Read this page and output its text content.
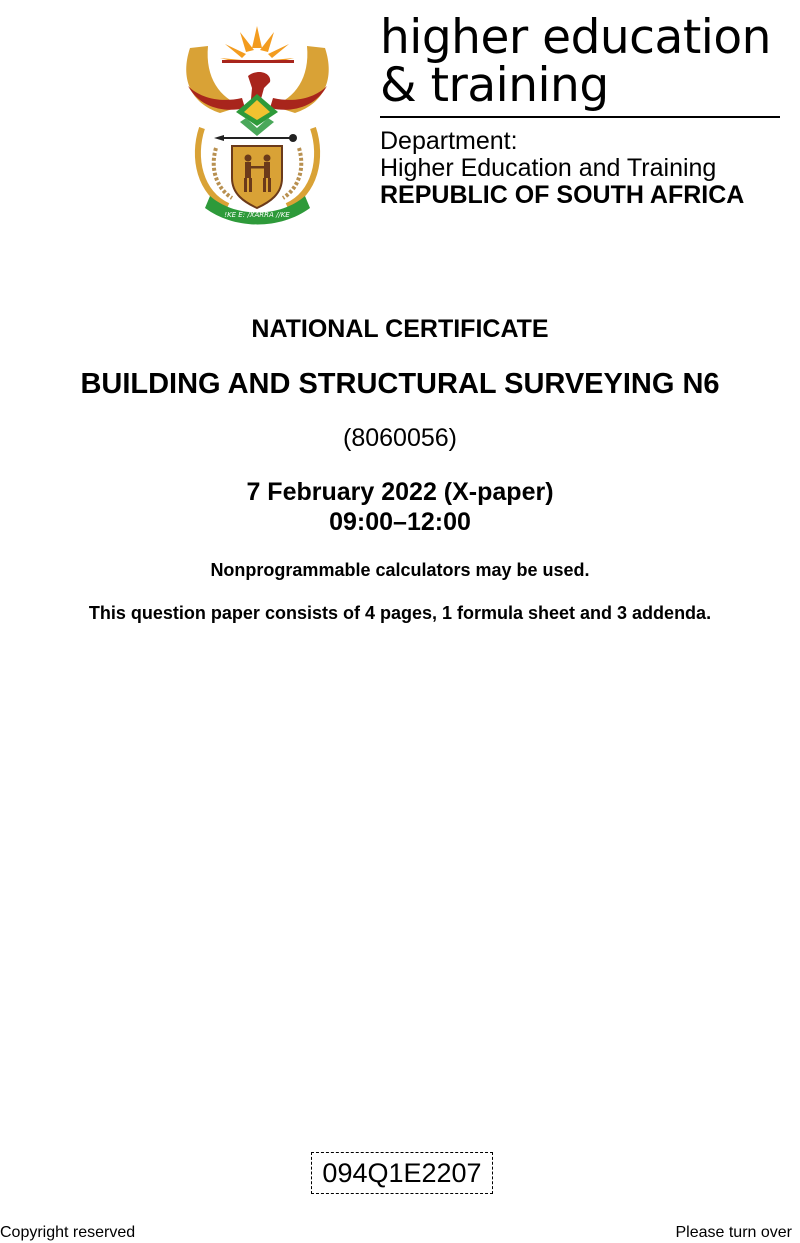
!KE E: /XARRA //KE
higher education
& training
Department:
Higher Education and Training
REPUBLIC OF SOUTH AFRICA
NATIONAL CERTIFICATE
BUILDING AND STRUCTURAL SURVEYING N6
(8060056)
7 February 2022 (X-paper)
09:00–12:00
Nonprogrammable calculators may be used.
This question paper consists of 4 pages, 1 formula sheet and 3 addenda.
094Q1E2207
Copyright reserved	Please turn over
